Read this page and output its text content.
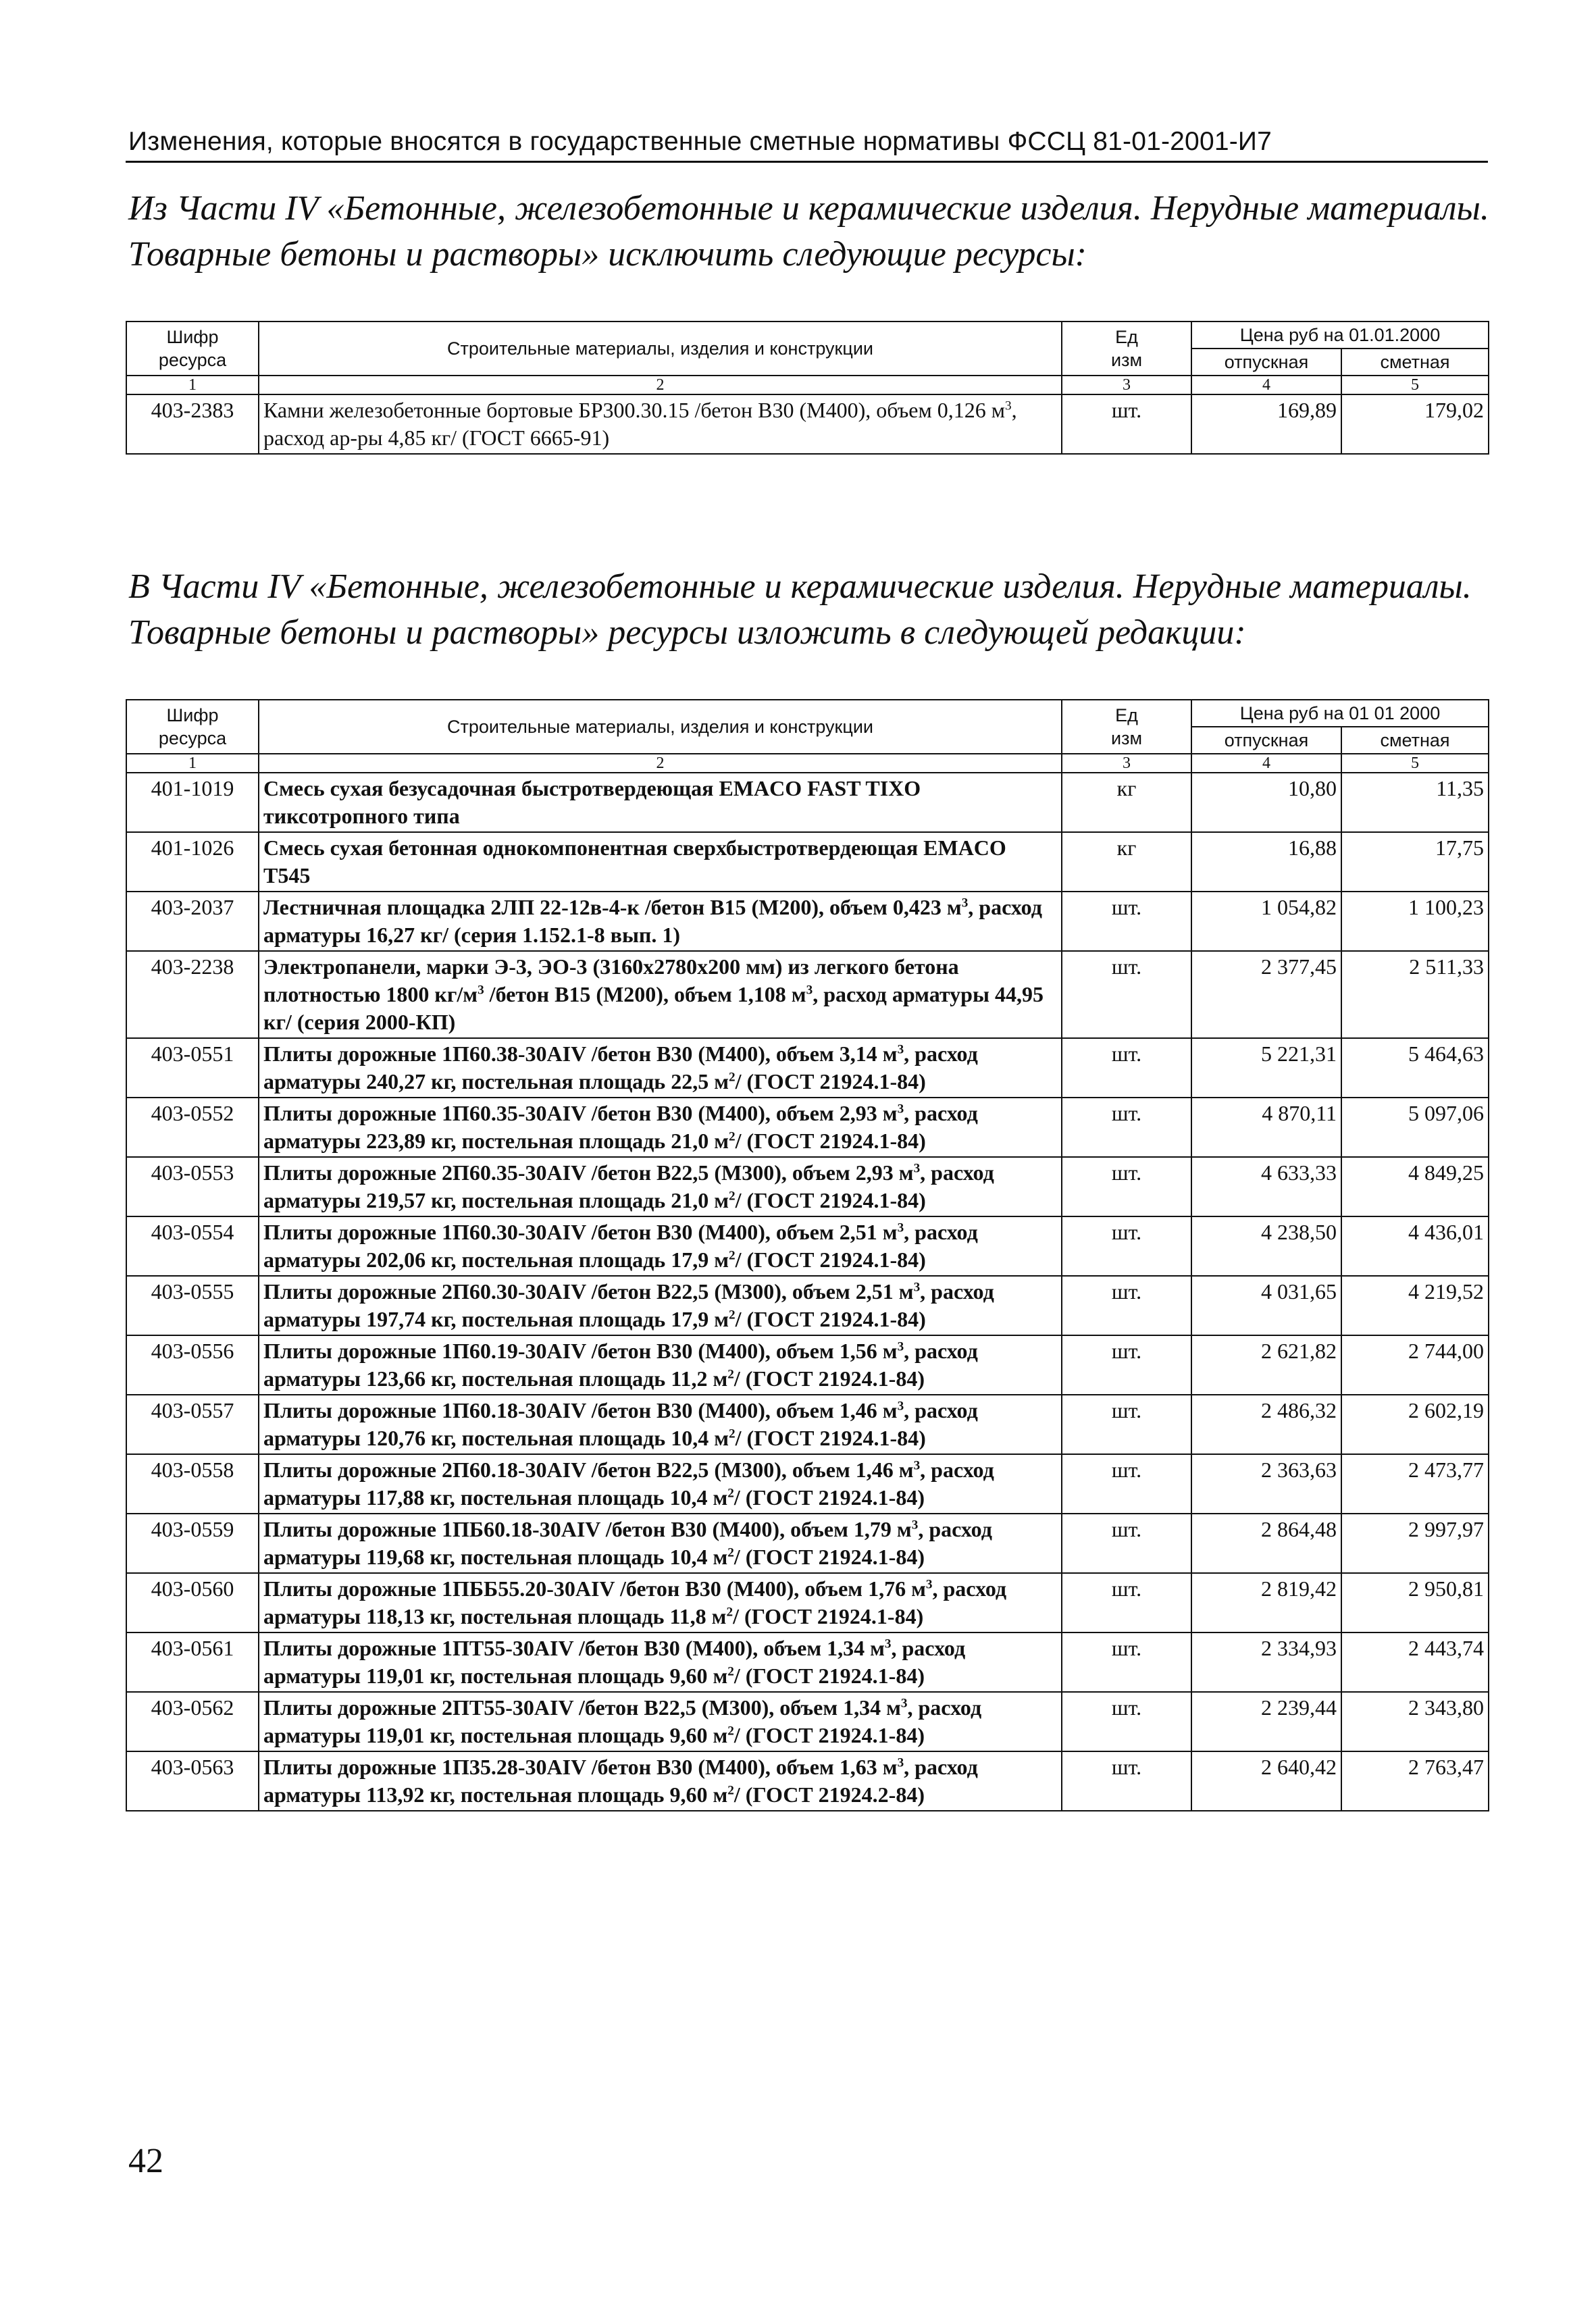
Изменения, которые вносятся в государственные сметные нормативы ФССЦ 81-01-2001-И7

Из Части IV «Бетонные, железобетонные и керамические изделия. Нерудные материалы.

Товарные бетоны и растворы» исключить следующие ресурсы:

Шифр
ресурса	Строительные материалы, изделия и конструкции	Ед
изм	Цена руб на 01.01.2000	
			отпускная	сметная
1	2	3	4	5
403-2383	Камни железобетонные бортовые БР300.30.15 /бетон В30 (М400), объем 0,126 $м^3$, расход ар-ры 4,85 кг/ (ГОСТ 6665-91)	шт.	169,89	179,02

В Части IV «Бетонные, железобетонные и керамические изделия. Нерудные материалы.

Товарные бетоны и растворы» ресурсы изложить в следующей редакции:

Шифр
ресурса	Строительные материалы, изделия и конструкции	Ед
изм	Цена руб на 01 01 2000	
			отпускная	сметная
1	2	3	4	5
401-1019	Смесь сухая безусадочная быстротвердеющая EMACO FAST TIXO тиксотропного типа	кг	10,80	11,35
401-1026	Смесь сухая бетонная однокомпонентная сверхбыстротвердеющая EMACO T545	кг	16,88	17,75
403-2037	Лестничная площадка 2ЛП 22-12в-4-к /бетон В15 (М200), объем 0,423 $м^3$, расход арматуры 16,27 кг/ (серия 1.152.1-8 вып. 1)	шт.	1 054,82	1 100,23
403-2238	Электропанели, марки Э-3, ЭО-3 (3160х2780х200 мм) из легкого бетона плотностью 1800 $кг/м^3$ /бетон В15 (М200), объем 1,108 $м^3$, расход арматуры 44,95 кг/ (серия 2000-КП)	шт.	2 377,45	2 511,33
403-0551	Плиты дорожные 1П60.38-30AIV /бетон В30 (М400), объем 3,14 $м^3$, расход арматуры 240,27 кг, постельная площадь 22,5 $м^2/$ (ГОСТ 21924.1-84)	шт.	5 221,31	5 464,63
403-0552	Плиты дорожные 1П60.35-30AIV /бетон В30 (М400), объем 2,93 $м^3$, расход арматуры 223,89 кг, постельная площадь 21,0 $м^2/$ (ГОСТ 21924.1-84)	шт.	4 870,11	5 097,06
403-0553	Плиты дорожные 2П60.35-30AIV /бетон В22,5 (М300), объем 2,93 $м^3$, расход арматуры 219,57 кг, постельная площадь 21,0 $м^2/$ (ГОСТ 21924.1-84)	шт.	4 633,33	4 849,25
403-0554	Плиты дорожные 1П60.30-30AIV /бетон В30 (М400), объем 2,51 $м^3$, расход арматуры 202,06 кг, постельная площадь 17,9 $м^2/$ (ГОСТ 21924.1-84)	шт.	4 238,50	4 436,01
403-0555	Плиты дорожные 2П60.30-30AIV /бетон В22,5 (М300), объем 2,51 $м^3$, расход арматуры 197,74 кг, постельная площадь 17,9 $м^2/$ (ГОСТ 21924.1-84)	шт.	4 031,65	4 219,52
403-0556	Плиты дорожные 1П60.19-30AIV /бетон В30 (М400), объем 1,56 $м^3$, расход арматуры 123,66 кг, постельная площадь 11,2 $м^2/$ (ГОСТ 21924.1-84)	шт.	2 621,82	2 744,00
403-0557	Плиты дорожные 1П60.18-30AIV /бетон В30 (М400), объем 1,46 $м^3$, расход арматуры 120,76 кг, постельная площадь 10,4 $м^2/$ (ГОСТ 21924.1-84)	шт.	2 486,32	2 602,19
403-0558	Плиты дорожные 2П60.18-30AIV /бетон В22,5 (М300), объем 1,46 $м^3$, расход арматуры 117,88 кг, постельная площадь 10,4 $м^2/$ (ГОСТ 21924.1-84)	шт.	2 363,63	2 473,77
403-0559	Плиты дорожные 1ПБ60.18-30AIV /бетон В30 (М400), объем 1,79 $м^3$, расход арматуры 119,68 кг, постельная площадь 10,4 $м^2/$ (ГОСТ 21924.1-84)	шт.	2 864,48	2 997,97
403-0560	Плиты дорожные 1ПББ55.20-30AIV /бетон В30 (М400), объем 1,76 $м^3$, расход арматуры 118,13 кг, постельная площадь 11,8 $м^2/$ (ГОСТ 21924.1-84)	шт.	2 819,42	2 950,81
403-0561	Плиты дорожные 1ПТ55-30AIV /бетон В30 (М400), объем 1,34 $м^3$, расход арматуры 119,01 кг, постельная площадь 9,60 $м^2/$ (ГОСТ 21924.1-84)	шт.	2 334,93	2 443,74
403-0562	Плиты дорожные 2ПТ55-30AIV /бетон В22,5 (М300), объем 1,34 $м^3$, расход арматуры 119,01 кг, постельная площадь 9,60 $м^2/$ (ГОСТ 21924.1-84)	шт.	2 239,44	2 343,80
403-0563	Плиты дорожные 1П35.28-30AIV /бетон В30 (М400), объем 1,63 $м^3$, расход арматуры 113,92 кг, постельная площадь 9,60 $м^2/$ (ГОСТ 21924.2-84)	шт.	2 640,42	2 763,47
42
